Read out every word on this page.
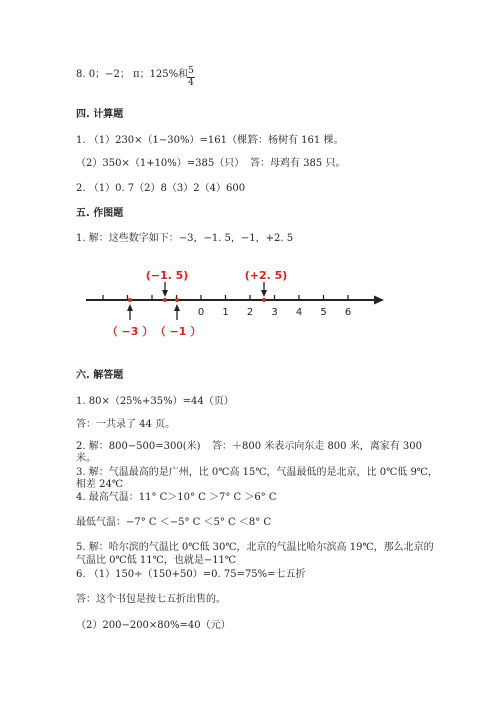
8. 0；−2； π；125%和 5
4
四. 计算题
1. （1）230×（1−30%）=161（棵）
答：杨树有 161 棵。
（2）350×（1+10%）=385（只） 答：母鸡有 385 只。
2. （1）0. 7（2）8（3）2（4）600
五. 作图题
1. 解：这些数字如下：−3，−1. 5，−1，+2. 5
0 1 2 3 4 5 6
(−1. 5)	(+2. 5)
（ −3 ） （ −1 ）
六. 解答题
1. 80×（25%+35%）=44（页）
答：一共录了 44 页。
2. 解：800−500=300(米) 答：＋800 米表示向东走 800 米，离家有 300
米。
3. 解：气温最高的是广州，比 0℃高 15℃，气温最低的是北京，比 0℃低 9℃，
相差 24℃
4. 最高气温：11° C＞10° C ＞7° C ＞6° C
最低气温：−7° C ＜−5° C ＜5° C ＜8° C
5. 解：哈尔滨的气温比 0℃低 30℃，北京的气温比哈尔滨高 19℃，那么北京的
气温比 0℃低 11℃，也就是−11℃
6. （1）150÷（150+50）=0. 75=75%=七五折
答：这个书包是按七五折出售的。
（2）200−200×80%=40（元）
